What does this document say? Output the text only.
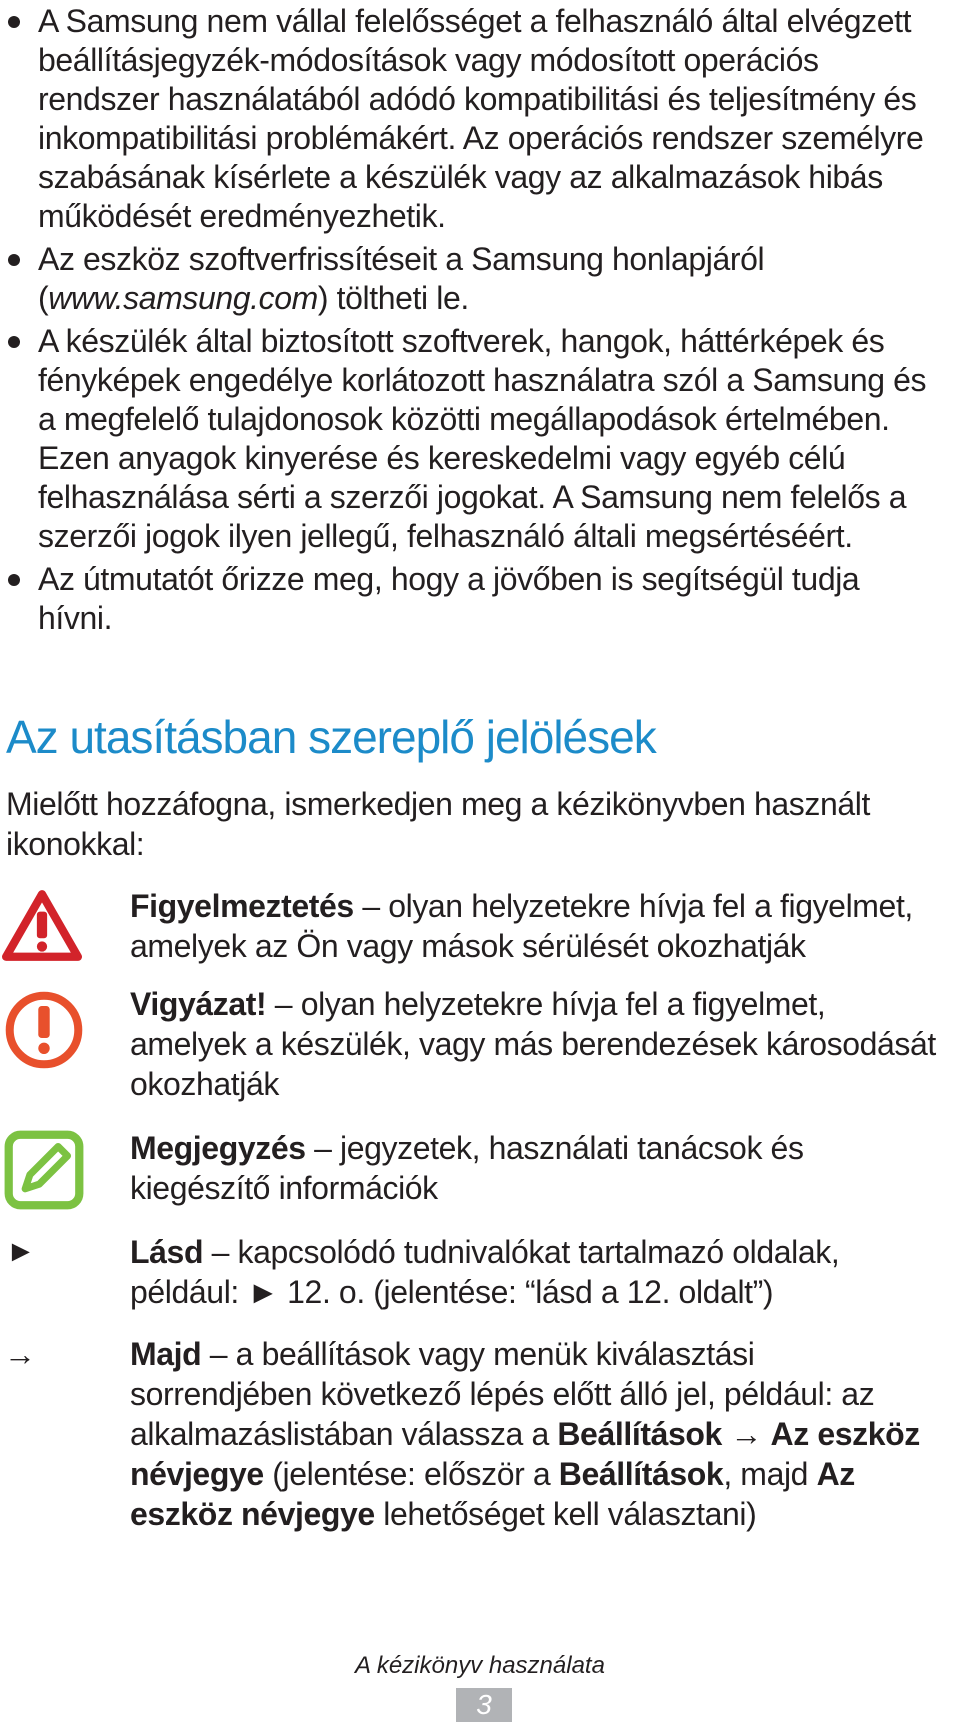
A Samsung nem vállal felelősséget a felhasználó által elvégzett
beállításjegyzék-módosítások vagy módosított operációs
rendszer használatából adódó kompatibilitási és teljesítmény és
inkompatibilitási problémákért. Az operációs rendszer személyre
szabásának kísérlete a készülék vagy az alkalmazások hibás
működését eredményezhetik.
Az eszköz szoftverfrissítéseit a Samsung honlapjáról
(www.samsung.com) töltheti le.
A készülék által biztosított szoftverek, hangok, háttérképek és
fényképek engedélye korlátozott használatra szól a Samsung és
a megfelelő tulajdonosok közötti megállapodások értelmében.
Ezen anyagok kinyerése és kereskedelmi vagy egyéb célú
felhasználása sérti a szerzői jogokat. A Samsung nem felelős a
szerzői jogok ilyen jellegű, felhasználó általi megsértéséért.
Az útmutatót őrizze meg, hogy a jövőben is segítségül tudja
hívni.
Az utasításban szereplő jelölések

Mielőtt hozzáfogna, ismerkedjen meg a kézikönyvben használt
ikonokkal:

Figyelmeztetés – olyan helyzetekre hívja fel a figyelmet,
amelyek az Ön vagy mások sérülését okozhatják

Vigyázat! – olyan helyzetekre hívja fel a figyelmet,
amelyek a készülék, vagy más berendezések károsodását
okozhatják

Megjegyzés – jegyzetek, használati tanácsok és
kiegészítő információk

►	Lásd – kapcsolódó tudnivalókat tartalmazó oldalak,
például: ► 12. o. (jelentése: “lásd a 12. oldalt”)

→	Majd – a beállítások vagy menük kiválasztási
sorrendjében következő lépés előtt álló jel, például: az
alkalmazáslistában válassza a Beállítások → Az eszköz
névjegye (jelentése: először a Beállítások, majd Az
eszköz névjegye lehetőséget kell választani)

A kézikönyv használata
3
